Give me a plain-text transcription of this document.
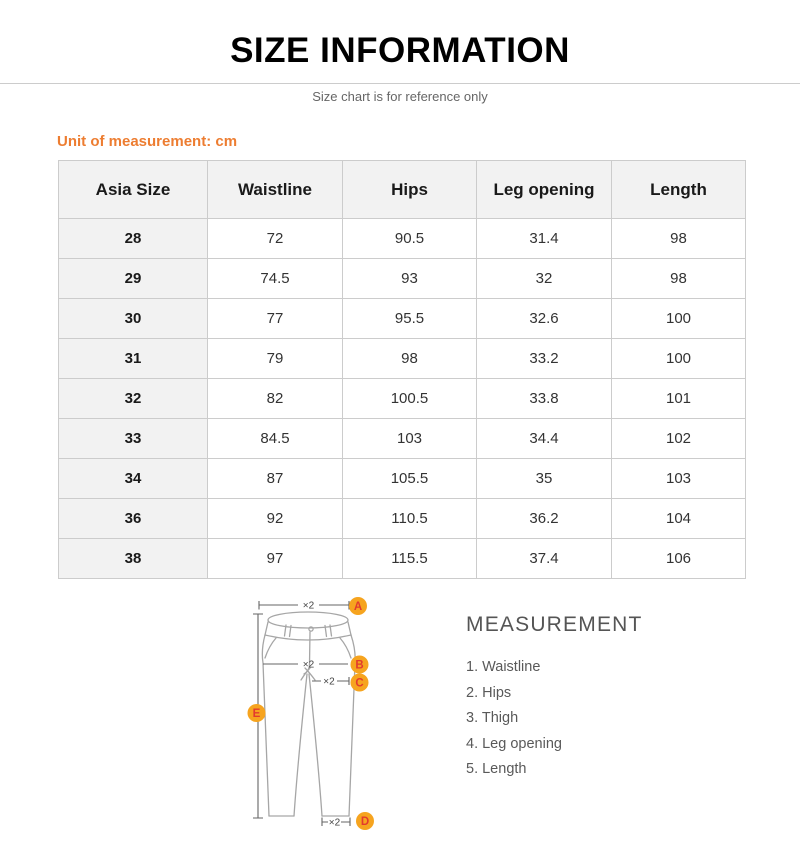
SIZE INFORMATION
Size chart is for reference only
Unit of measurement: cm
Asia Size	Waistline	Hips	Leg opening	Length
28	72	90.5	31.4	98
29	74.5	93	32	98
30	77	95.5	32.6	100
31	79	98	33.2	100
32	82	100.5	33.8	101
33	84.5	103	34.4	102
34	87	105.5	35	103
36	92	110.5	36.2	104
38	97	115.5	37.4	106
×2
×2
×2
×2
A
B
C
D
E
MEASUREMENT
1. Waistline
2. Hips
3. Thigh
4. Leg opening
5. Length
